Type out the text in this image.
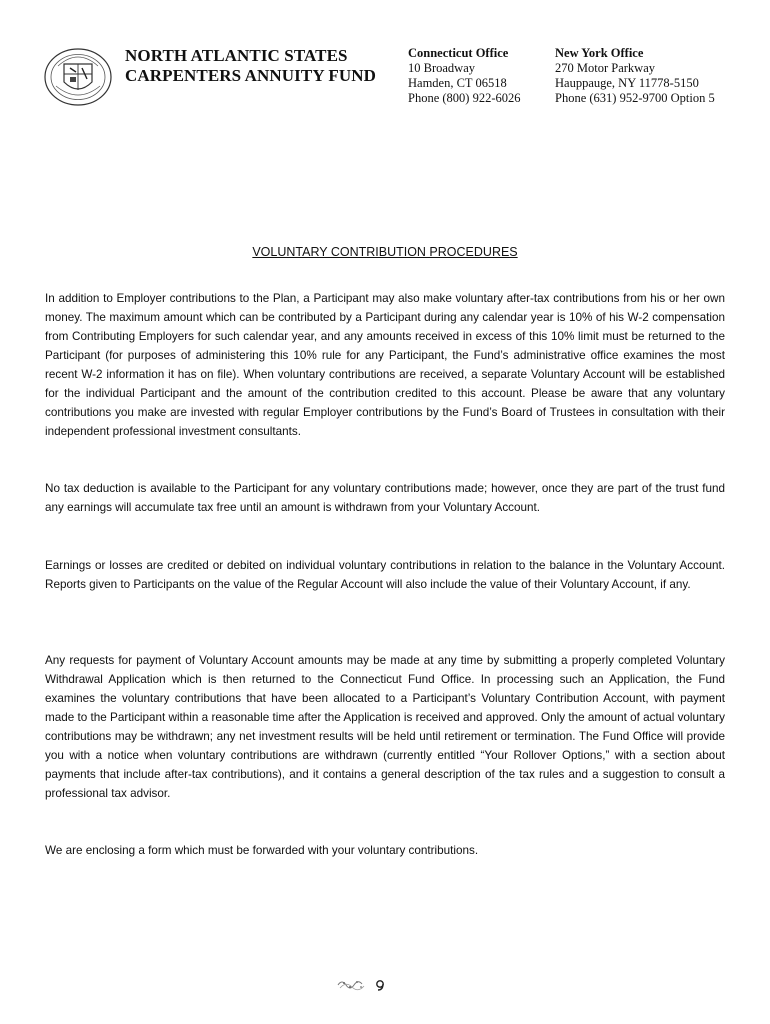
NORTH ATLANTIC STATES
CARPENTERS ANNUITY FUND
Connecticut Office
10 Broadway
Hamden, CT 06518
Phone (800) 922-6026
New York Office
270 Motor Parkway
Hauppauge, NY 11778-5150
Phone (631) 952-9700 Option 5
VOLUNTARY CONTRIBUTION PROCEDURES

In addition to Employer contributions to the Plan, a Participant may also make voluntary after-tax contributions from his or her own money. The maximum amount which can be contributed by a Participant during any calendar year is 10% of his W-2 compensation from Contributing Employers for such calendar year, and any amounts received in excess of this 10% limit must be returned to the Participant (for purposes of administering this 10% rule for any Participant, the Fund’s administrative office examines the most recent W-2 information it has on file). When voluntary contributions are received, a separate Voluntary Account will be established for the individual Participant and the amount of the contribution credited to this account. Please be aware that any voluntary contributions you make are invested with regular Employer contributions by the Fund’s Board of Trustees in consultation with their independent professional investment consultants.

No tax deduction is available to the Participant for any voluntary contributions made; however, once they are part of the trust fund any earnings will accumulate tax free until an amount is withdrawn from your Voluntary Account.

Earnings or losses are credited or debited on individual voluntary contributions in relation to the balance in the Voluntary Account. Reports given to Participants on the value of the Regular Account will also include the value of their Voluntary Account, if any.

Any requests for payment of Voluntary Account amounts may be made at any time by submitting a properly completed Voluntary Withdrawal Application which is then returned to the Connecticut Fund Office. In processing such an Application, the Fund examines the voluntary contributions that have been allocated to a Participant’s Voluntary Contribution Account, with payment made to the Participant within a reasonable time after the Application is received and approved. Only the amount of actual voluntary contributions may be withdrawn; any net investment results will be held until retirement or termination. The Fund Office will provide you with a notice when voluntary contributions are withdrawn (currently entitled “Your Rollover Options,” with a section about payments that include after-tax contributions), and it contains a general description of the tax rules and a suggestion to consult a professional tax advisor.

We are enclosing a form which must be forwarded with your voluntary contributions.
